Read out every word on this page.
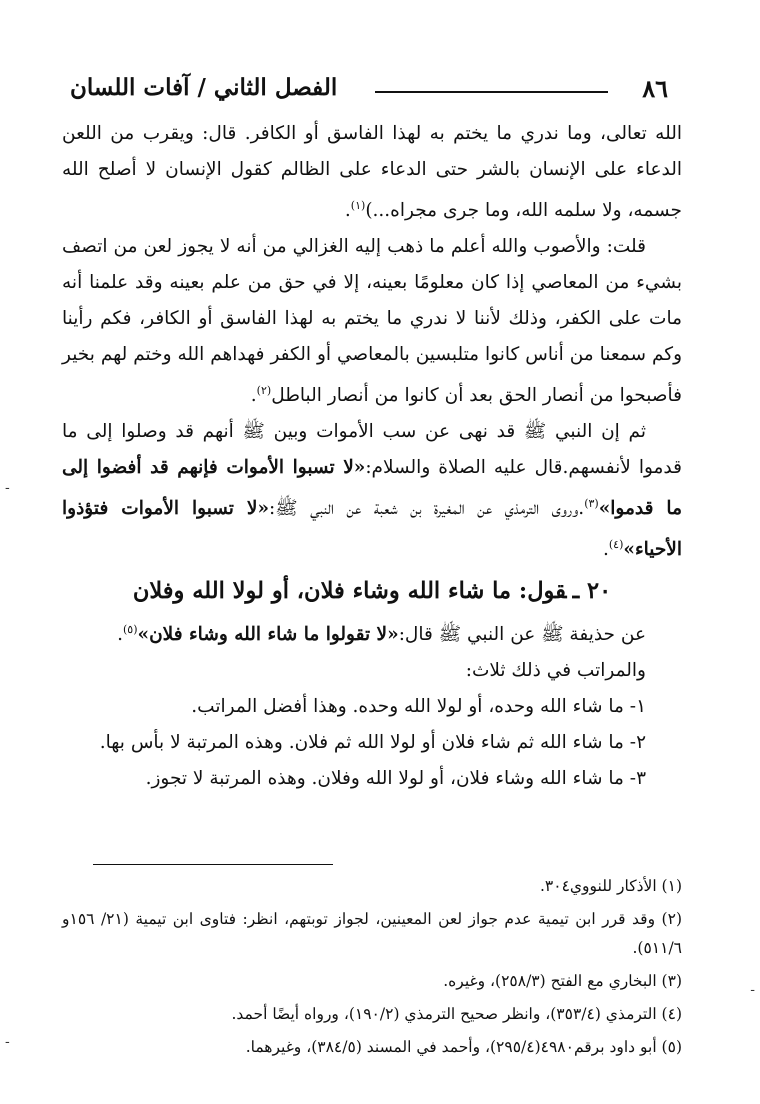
٨٦
الفصل الثاني / آفات اللسان

الله تعالى، وما ندري ما يختم به لهذا الفاسق أو الكافر. قال: ويقرب من اللعن الدعاء على الإنسان بالشر حتى الدعاء على الظالم كقول الإنسان لا أصلح الله جسمه، ولا سلمه الله، وما جرى مجراه...)$^{(١)}$.

قلت: والأصوب والله أعلم ما ذهب إليه الغزالي من أنه لا يجوز لعن من اتصف بشيء من المعاصي إذا كان معلومًا بعينه، إلا في حق من علم بعينه وقد علمنا أنه مات على الكفر، وذلك لأننا لا ندري ما يختم به لهذا الفاسق أو الكافر، فكم رأينا وكم سمعنا من أناس كانوا متلبسين بالمعاصي أو الكفر فهداهم الله وختم لهم بخير فأصبحوا من أنصار الحق بعد أن كانوا من أنصار الباطل$^{(٢)}$.

ثم إن النبي ﷺ قد نهى عن سب الأموات وبين ﷺ أنهم قد وصلوا إلى ما قدموا لأنفسهم.قال عليه الصلاة والسلام:«لا تسبوا الأموات فإنهم قد أفضوا إلى ما قدموا»$^{(٣)}$.وروى الترمذي عن المغيرة بن شعبة عن النبي ﷺ:«لا تسبوا الأموات فتؤذوا الأحياء»$^{(٤)}$.

٢٠ ـقول: ما شاء الله وشاء فلان، أو لولا الله وفلان

عن حذيفة ﷺ عن النبي ﷺ قال:«لا تقولوا ما شاء الله وشاء فلان»$^{(٥)}$.

والمراتب في ذلك ثلاث:

١- ما شاء الله وحده، أو لولا الله وحده. وهذا أفضل المراتب.

٢- ما شاء الله ثم شاء فلان أو لولا الله ثم فلان. وهذه المرتبة لا بأس بها.

٣- ما شاء الله وشاء فلان، أو لولا الله وفلان. وهذه المرتبة لا تجوز.

(١) الأذكار للنووي٣٠٤.

(٢) وقد قرر ابن تيمية عدم جواز لعن المعينين، لجواز توبتهم، انظر: فتاوى ابن تيمية (٢١/ ١٥٦و ٥١١/٦).

(٣) البخاري مع الفتح (٢٥٨/٣)، وغيره.

(٤) الترمذي (٣٥٣/٤)، وانظر صحيح الترمذي (١٩٠/٢)، ورواه أيضًا أحمد.

(٥) أبو داود برقم٤٩٨٠(٢٩٥/٤)، وأحمد في المسند (٣٨٤/٥)، وغيرهما.

-
-
-
